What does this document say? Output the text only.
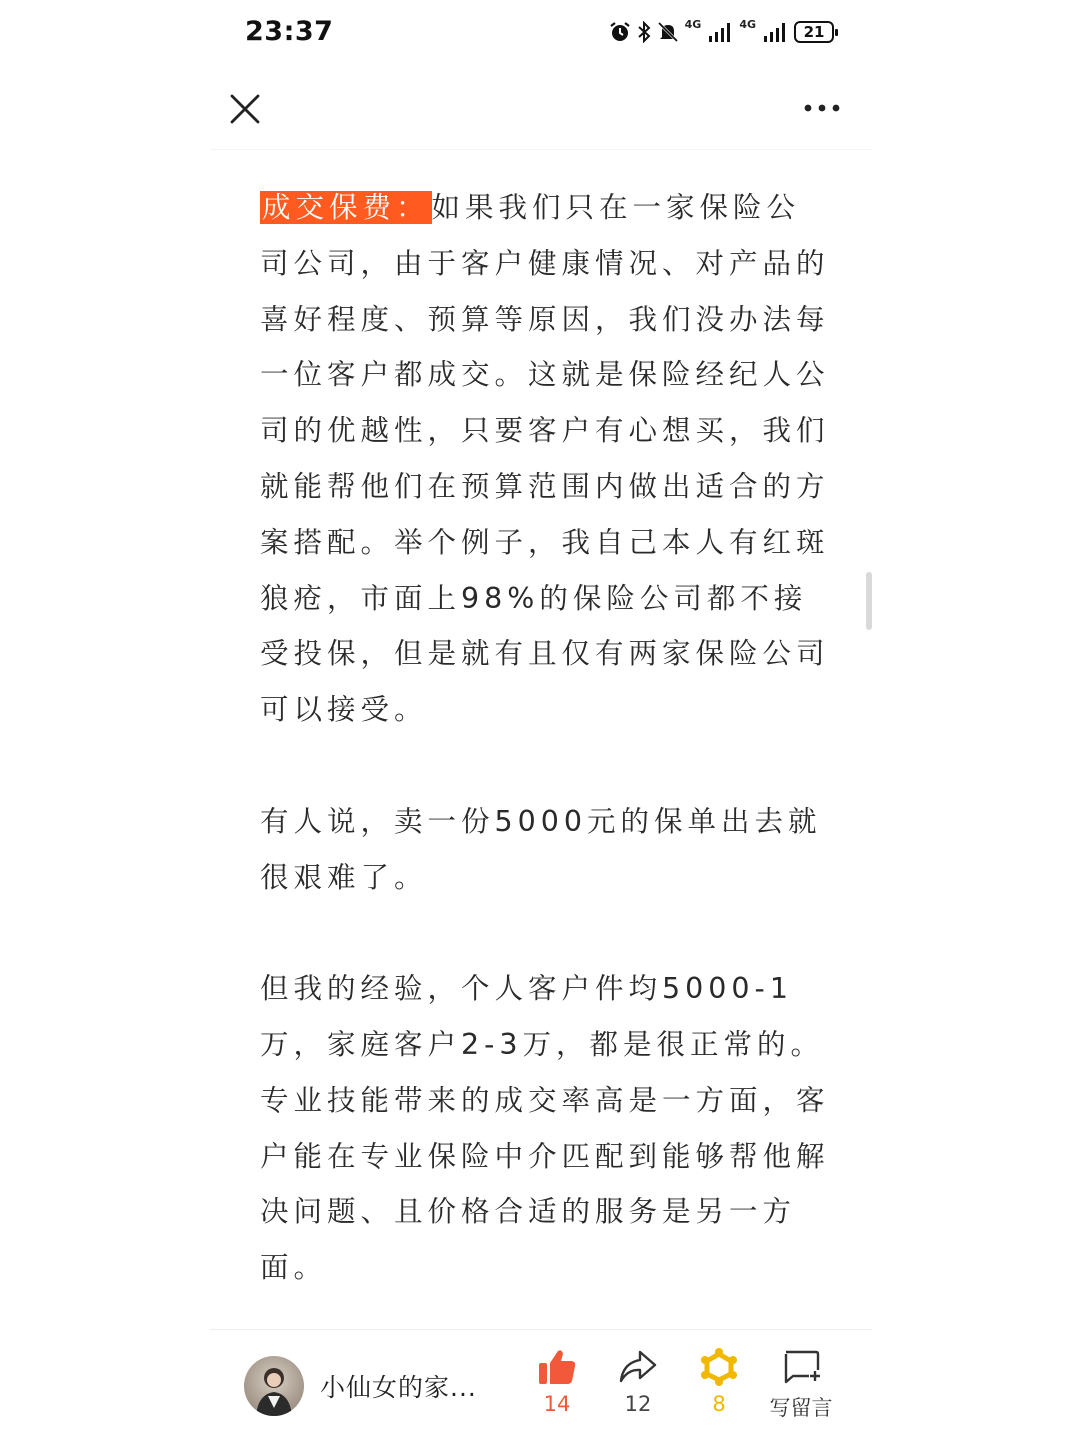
23:37	4G	4G	21

成交保费：如果我们只在一家保险公司公司，由于客户健康情况、对产品的喜好程度、预算等原因，我们没办法每一位客户都成交。这就是保险经纪人公司的优越性，只要客户有心想买，我们就能帮他们在预算范围内做出适合的方案搭配。举个例子，我自己本人有红斑狼疮，市面上98%的保险公司都不接受投保，但是就有且仅有两家保险公司可以接受。

有人说，卖一份5000元的保单出去就很艰难了。

但我的经验，个人客户件均5000-1万，家庭客户2-3万，都是很正常的。专业技能带来的成交率高是一方面，客户能在专业保险中介匹配到能够帮他解决问题、且价格合适的服务是另一方面。

小仙女的家...
14	12	8	写留言
